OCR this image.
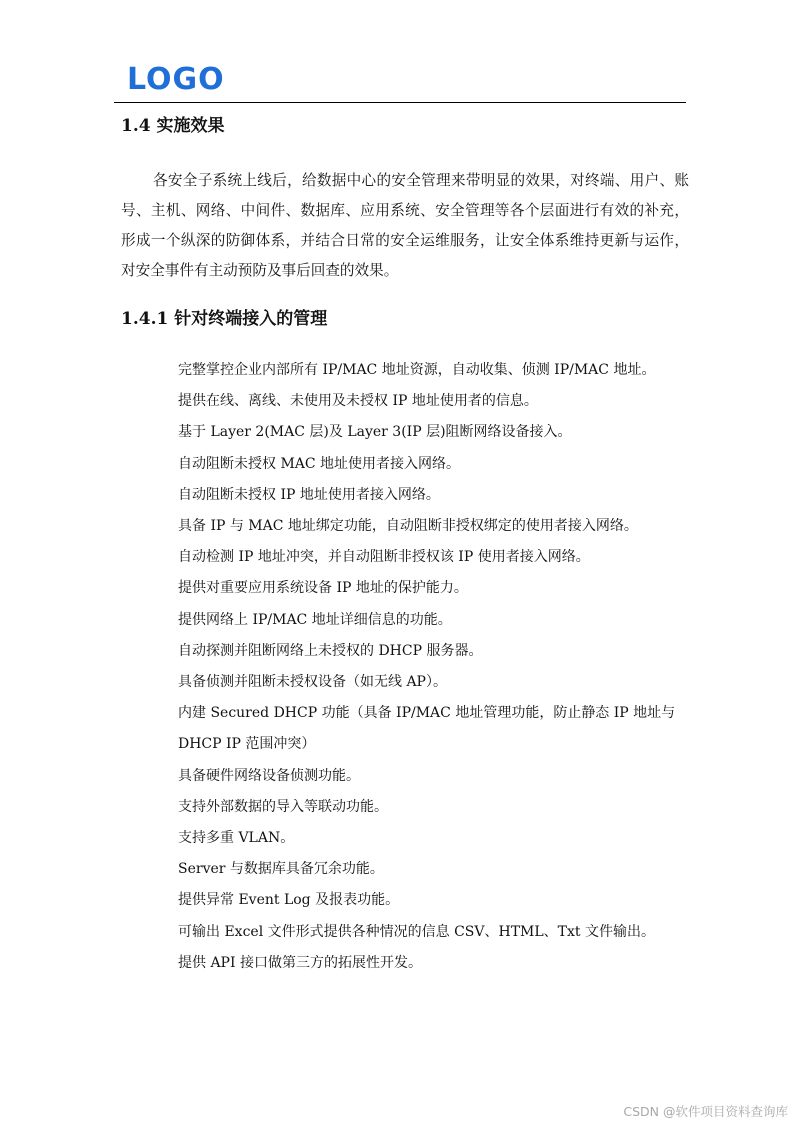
LOGO
1.4 实施效果

各安全子系统上线后，给数据中心的安全管理来带明显的效果，对终端、用户、账号、主机、网络、中间件、数据库、应用系统、安全管理等各个层面进行有效的补充，形成一个纵深的防御体系，并结合日常的安全运维服务，让安全体系维持更新与运作，对安全事件有主动预防及事后回查的效果。

1.4.1 针对终端接入的管理
完整掌控企业内部所有 IP/MAC 地址资源，自动收集、侦测 IP/MAC 地址。
提供在线、离线、未使用及未授权 IP 地址使用者的信息。
基于 Layer 2(MAC 层)及 Layer 3(IP 层)阻断网络设备接入。
自动阻断未授权 MAC 地址使用者接入网络。
自动阻断未授权 IP 地址使用者接入网络。
具备 IP 与 MAC 地址绑定功能，自动阻断非授权绑定的使用者接入网络。
自动检测 IP 地址冲突，并自动阻断非授权该 IP 使用者接入网络。
提供对重要应用系统设备 IP 地址的保护能力。
提供网络上 IP/MAC 地址详细信息的功能。
自动探测并阻断网络上未授权的 DHCP 服务器。
具备侦测并阻断未授权设备（如无线 AP）。
内建 Secured DHCP 功能（具备 IP/MAC 地址管理功能，防止静态 IP 地址与 DHCP IP 范围冲突）
具备硬件网络设备侦测功能。
支持外部数据的导入等联动功能。
支持多重 VLAN。
Server 与数据库具备冗余功能。
提供异常 Event Log 及报表功能。
可输出 Excel 文件形式提供各种情况的信息 CSV、HTML、Txt 文件输出。
提供 API 接口做第三方的拓展性开发。
CSDN @软件项目资料查询库
